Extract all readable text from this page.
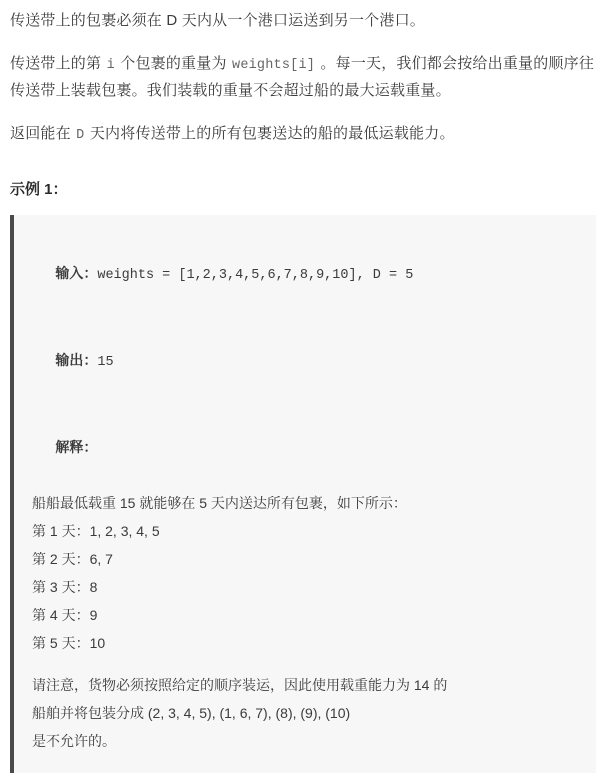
传送带上的包裹必须在 D 天内从一个港口运送到另一个港口。

传送带上的第 i 个包裹的重量为 weights[i] 。每一天，我们都会按给出重量的顺序往传送带上装载包裹。我们装载的重量不会超过船的最大运载重量。

返回能在 D 天内将传送带上的所有包裹送达的船的最低运载能力。

示例 1：

输入：weights = [1,2,3,4,5,6,7,8,9,10], D = 5

输出：15

解释：

船船最低载重 15 就能够在 5 天内送达所有包裹，如下所示：
第 1 天：1, 2, 3, 4, 5
第 2 天：6, 7
第 3 天：8
第 4 天：9
第 5 天：10
请注意，货物必须按照给定的顺序装运，因此使用载重能力为 14 的
船舶并将包装分成 (2, 3, 4, 5), (1, 6, 7), (8), (9), (10)
是不允许的。
